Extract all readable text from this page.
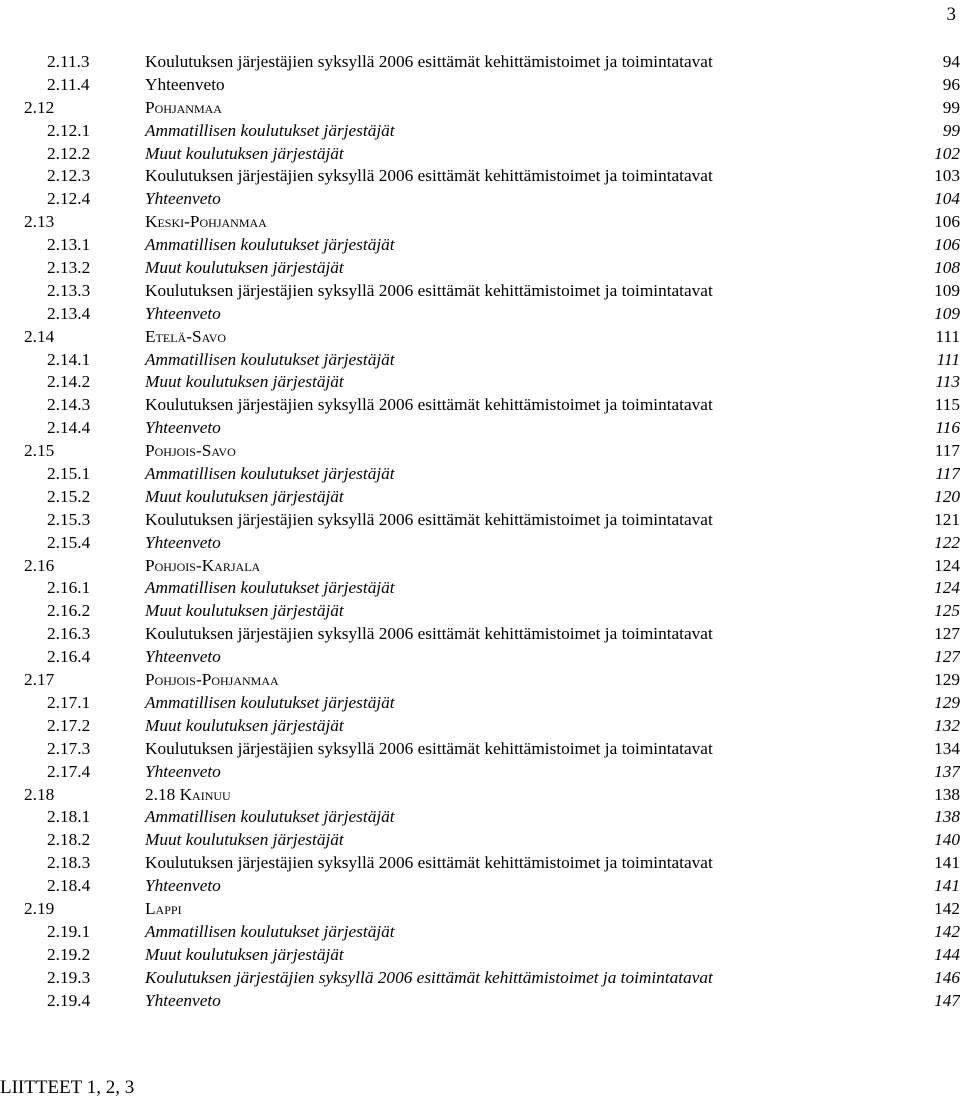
3
2.11.3	Koulutuksen järjestäjien syksyllä 2006 esittämät kehittämistoimet ja toimintatavat	94
2.11.4	Yhteenveto	96
2.12	Pohjanmaa	99
2.12.1	Ammatillisen koulutukset järjestäjät	99
2.12.2	Muut koulutuksen järjestäjät	102
2.12.3	Koulutuksen järjestäjien syksyllä 2006 esittämät kehittämistoimet ja toimintatavat	103
2.12.4	Yhteenveto	104
2.13	Keski-Pohjanmaa	106
2.13.1	Ammatillisen koulutukset järjestäjät	106
2.13.2	Muut koulutuksen järjestäjät	108
2.13.3	Koulutuksen järjestäjien syksyllä 2006 esittämät kehittämistoimet ja toimintatavat	109
2.13.4	Yhteenveto	109
2.14	Etelä-Savo	111
2.14.1	Ammatillisen koulutukset järjestäjät	111
2.14.2	Muut koulutuksen järjestäjät	113
2.14.3	Koulutuksen järjestäjien syksyllä 2006 esittämät kehittämistoimet ja toimintatavat	115
2.14.4	Yhteenveto	116
2.15	Pohjois-Savo	117
2.15.1	Ammatillisen koulutukset järjestäjät	117
2.15.2	Muut koulutuksen järjestäjät	120
2.15.3	Koulutuksen järjestäjien syksyllä 2006 esittämät kehittämistoimet ja toimintatavat	121
2.15.4	Yhteenveto	122
2.16	Pohjois-Karjala	124
2.16.1	Ammatillisen koulutukset järjestäjät	124
2.16.2	Muut koulutuksen järjestäjät	125
2.16.3	Koulutuksen järjestäjien syksyllä 2006 esittämät kehittämistoimet ja toimintatavat	127
2.16.4	Yhteenveto	127
2.17	Pohjois-Pohjanmaa	129
2.17.1	Ammatillisen koulutukset järjestäjät	129
2.17.2	Muut koulutuksen järjestäjät	132
2.17.3	Koulutuksen järjestäjien syksyllä 2006 esittämät kehittämistoimet ja toimintatavat	134
2.17.4	Yhteenveto	137
2.18	2.18 Kainuu	138
2.18.1	Ammatillisen koulutukset järjestäjät	138
2.18.2	Muut koulutuksen järjestäjät	140
2.18.3	Koulutuksen järjestäjien syksyllä 2006 esittämät kehittämistoimet ja toimintatavat	141
2.18.4	Yhteenveto	141
2.19	Lappi	142
2.19.1	Ammatillisen koulutukset järjestäjät	142
2.19.2	Muut koulutuksen järjestäjät	144
2.19.3	Koulutuksen järjestäjien syksyllä 2006 esittämät kehittämistoimet ja toimintatavat	146
2.19.4	Yhteenveto	147
LIITTEET 1, 2, 3
